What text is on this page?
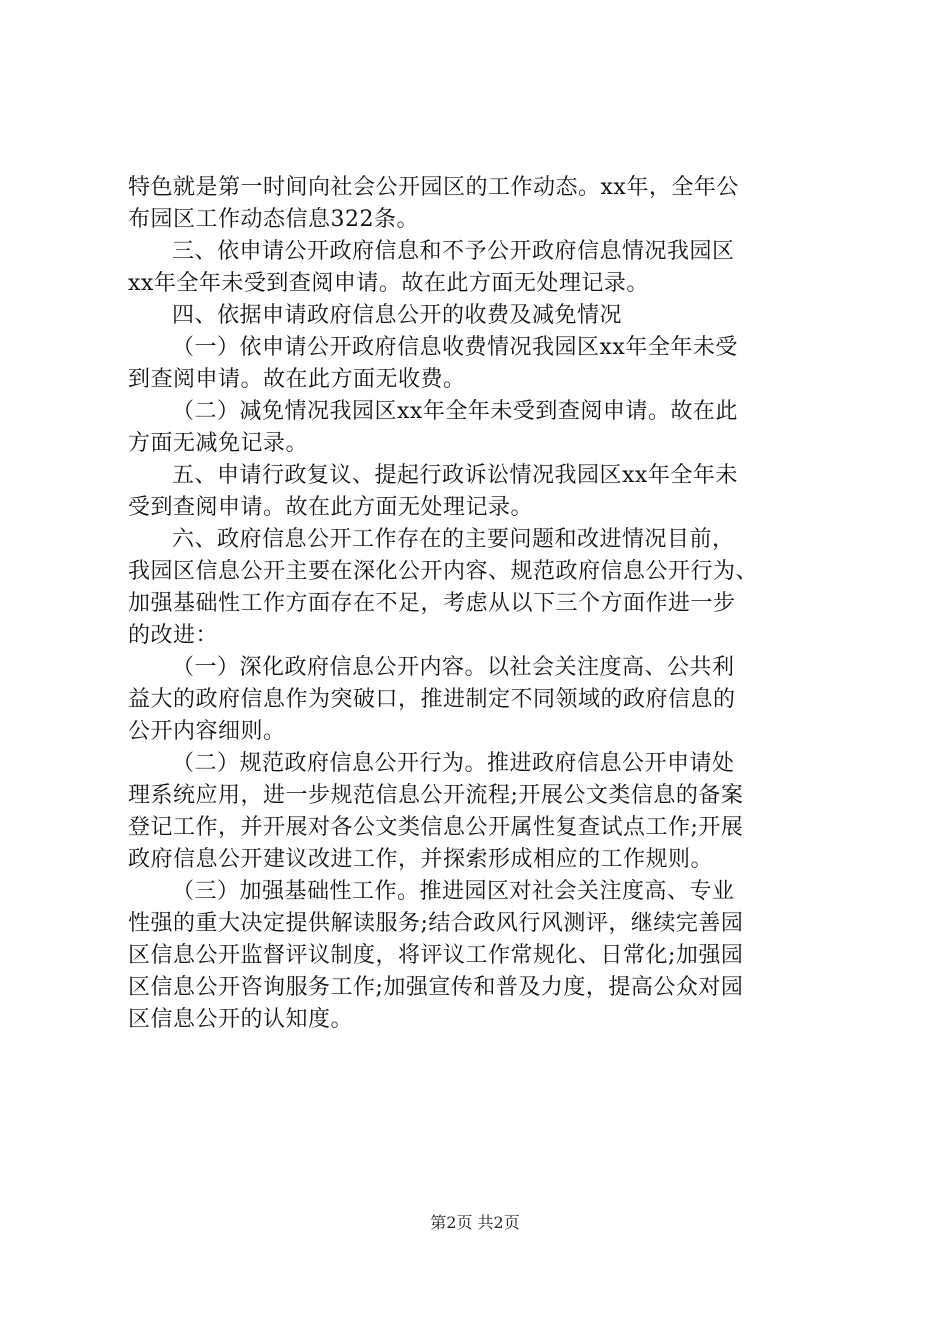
特色就是第一时间向社会公开园区的工作动态。xx年，全年公
布园区工作动态信息322条。
三、依申请公开政府信息和不予公开政府信息情况我园区
xx年全年未受到查阅申请。故在此方面无处理记录。
四、依据申请政府信息公开的收费及减免情况
（一）依申请公开政府信息收费情况我园区xx年全年未受
到查阅申请。故在此方面无收费。
（二）减免情况我园区xx年全年未受到查阅申请。故在此
方面无减免记录。
五、申请行政复议、提起行政诉讼情况我园区xx年全年未
受到查阅申请。故在此方面无处理记录。
六、政府信息公开工作存在的主要问题和改进情况目前，
我园区信息公开主要在深化公开内容、规范政府信息公开行为、
加强基础性工作方面存在不足，考虑从以下三个方面作进一步
的改进：
（一）深化政府信息公开内容。以社会关注度高、公共利
益大的政府信息作为突破口，推进制定不同领域的政府信息的
公开内容细则。
（二）规范政府信息公开行为。推进政府信息公开申请处
理系统应用，进一步规范信息公开流程;开展公文类信息的备案
登记工作，并开展对各公文类信息公开属性复查试点工作;开展
政府信息公开建议改进工作，并探索形成相应的工作规则。
（三）加强基础性工作。推进园区对社会关注度高、专业
性强的重大决定提供解读服务;结合政风行风测评，继续完善园
区信息公开监督评议制度，将评议工作常规化、日常化;加强园
区信息公开咨询服务工作;加强宣传和普及力度，提高公众对园
区信息公开的认知度。
第2页 共2页
